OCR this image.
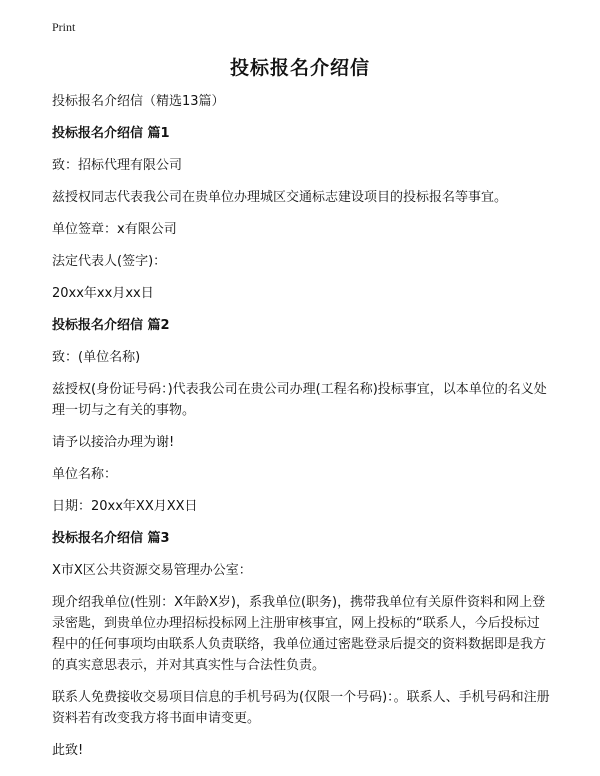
Print
投标报名介绍信

投标报名介绍信（精选13篇）

投标报名介绍信 篇1

致：招标代理有限公司

兹授权同志代表我公司在贵单位办理城区交通标志建设项目的投标报名等事宜。

单位签章：x有限公司

法定代表人(签字)：

20xx年xx月xx日

投标报名介绍信 篇2

致：(单位名称)

兹授权(身份证号码：)代表我公司在贵公司办理(工程名称)投标事宜，以本单位的名义处理一切与之有关的事物。

请予以接洽办理为谢!

单位名称：

日期：20xx年XX月XX日

投标报名介绍信 篇3

X市X区公共资源交易管理办公室：

现介绍我单位(性别：X年龄X岁)，系我单位(职务)，携带我单位有关原件资料和网上登录密匙，到贵单位办理招标投标网上注册审核事宜，网上投标的“联系人，今后投标过程中的任何事项均由联系人负责联络，我单位通过密匙登录后提交的资料数据即是我方的真实意思表示，并对其真实性与合法性负责。

联系人免费接收交易项目信息的手机号码为(仅限一个号码)：。联系人、手机号码和注册资料若有改变我方将书面申请变更。

此致!
